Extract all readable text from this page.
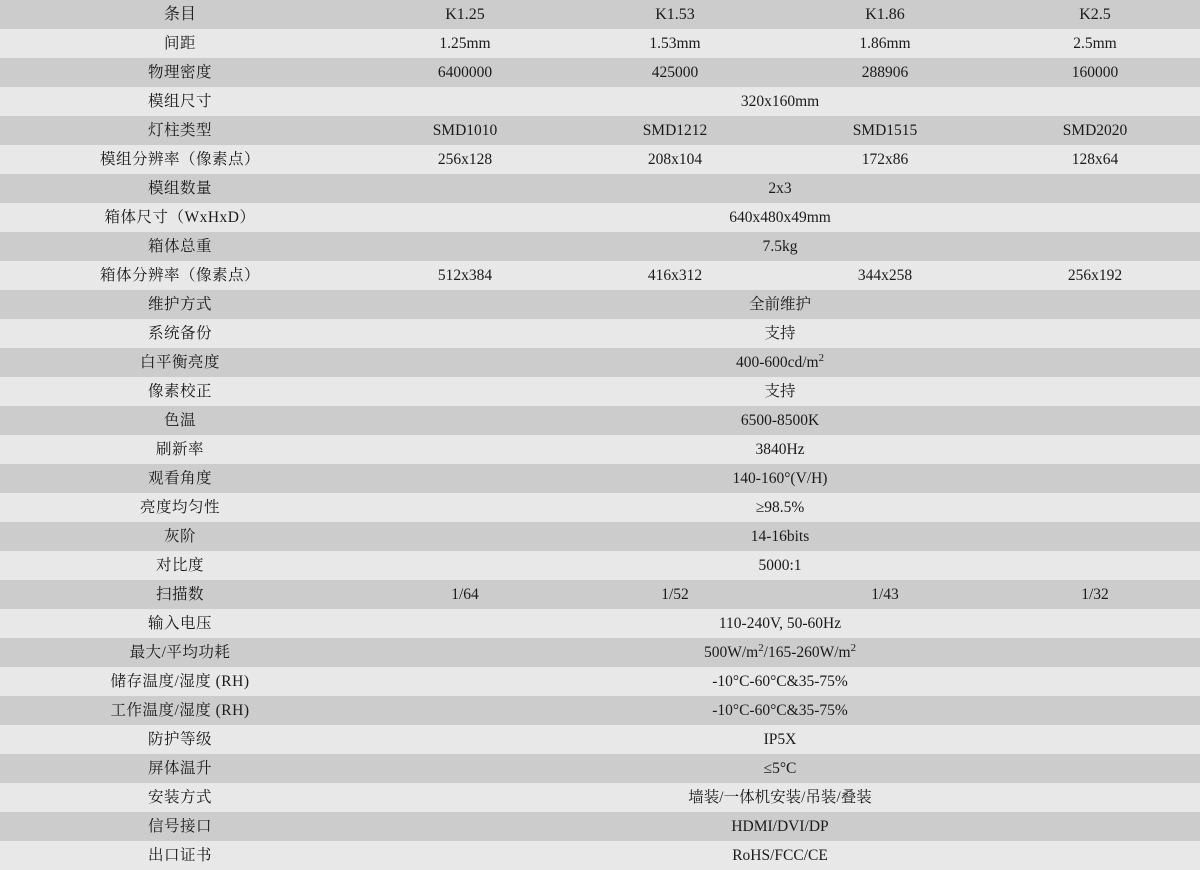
条目	K1.25	K1.53	K1.86	K2.5
间距	1.25mm	1.53mm	1.86mm	2.5mm
物理密度	6400000	425000	288906	160000
模组尺寸	320x160mm			
灯柱类型	SMD1010	SMD1212	SMD1515	SMD2020
模组分辨率（像素点）	256x128	208x104	172x86	128x64
模组数量	2x3			
箱体尺寸（WxHxD）	640x480x49mm			
箱体总重	7.5kg			
箱体分辨率（像素点）	512x384	416x312	344x258	256x192
维护方式	全前维护			
系统备份	支持			
白平衡亮度	$400-600cd/m^2$
像素校正	支持			
色温	6500-8500K			
刷新率	3840Hz			
观看角度	140-160°(V/H)			
亮度均匀性	≥98.5%			
灰阶	14-16bits			
对比度	5000:1			
扫描数	1/64	1/52	1/43	1/32
输入电压	110-240V, 50-60Hz			
最大/平均功耗	$500W/m^2/165-260W/m^2$
储存温度/湿度 (RH)	-10°C-60°C&35-75%			
工作温度/湿度 (RH)	-10°C-60°C&35-75%			
防护等级	IP5X			
屏体温升	≤5°C			
安装方式	墙装/一体机安装/吊装/叠装			
信号接口	HDMI/DVI/DP			
出口证书	RoHS/FCC/CE			
